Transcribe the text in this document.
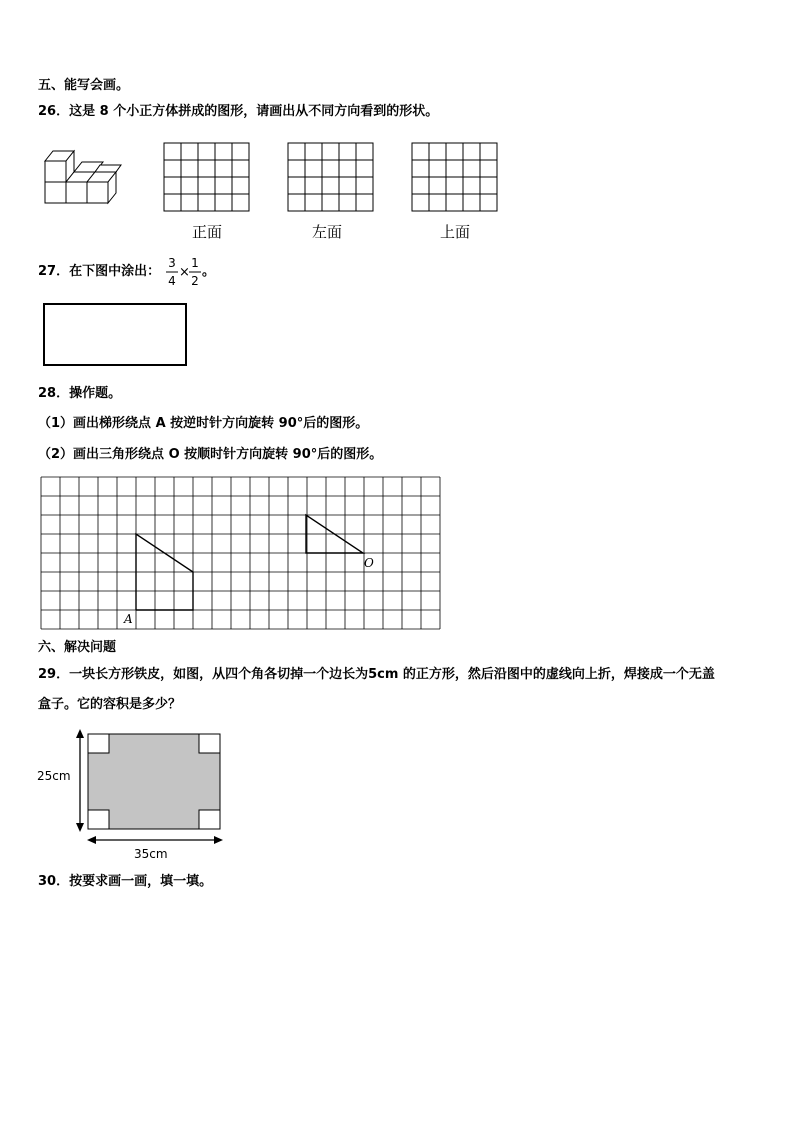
五、能写会画。
26．这是 8 个小正方体拼成的图形，请画出从不同方向看到的形状。
正面	左面	上面
27．在下图中涂出：
3
4
×
1
2
。
28．操作题。
（1）画出梯形绕点 A 按逆时针方向旋转 90°后的图形。
（2）画出三角形绕点 O 按顺时针方向旋转 90°后的图形。
A
O
六、解决问题
29．一块长方形铁皮，如图，从四个角各切掉一个边长为5cm 的正方形，然后沿图中的虚线向上折，焊接成一个无盖
盒子。它的容积是多少？
25cm
35cm
30．按要求画一画，填一填。
